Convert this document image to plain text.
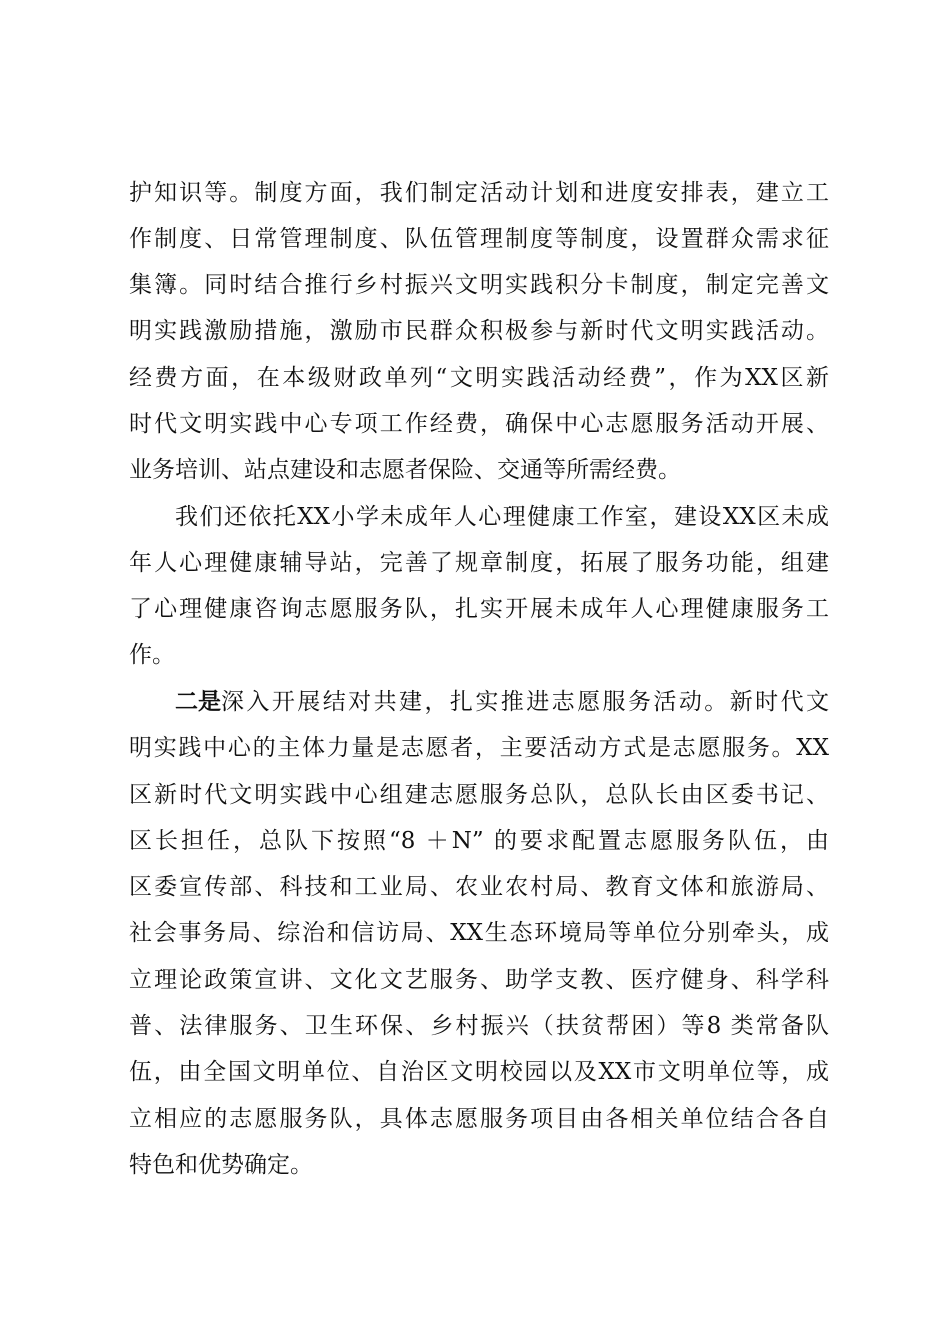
护知识等。制度方面，我们制定活动计划和进度安排表，建立工
作制度、日常管理制度、队伍管理制度等制度，设置群众需求征
集簿。同时结合推行乡村振兴文明实践积分卡制度，制定完善文
明实践激励措施，激励市民群众积极参与新时代文明实践活动。
经费方面，在本级财政单列“文明实践活动经费”，作为XX区新
时代文明实践中心专项工作经费，确保中心志愿服务活动开展、
业务培训、站点建设和志愿者保险、交通等所需经费。
我们还依托XX小学未成年人心理健康工作室，建设XX区未成
年人心理健康辅导站，完善了规章制度，拓展了服务功能，组建
了心理健康咨询志愿服务队，扎实开展未成年人心理健康服务工
作。
二是 深入开展结对共建，扎实推进志愿服务活动。新时代文
明实践中心的主体力量是志愿者，主要活动方式是志愿服务。XX
区新时代文明实践中心组建志愿服务总队，总队长由区委书记、
区长担任，总队下按照“8 ＋N” 的要求配置志愿服务队伍，由
区委宣传部、科技和工业局、农业农村局、教育文体和旅游局、
社会事务局、综治和信访局、XX生态环境局等单位分别牵头，成
立理论政策宣讲、文化文艺服务、助学支教、医疗健身、科学科
普、法律服务、卫生环保、乡村振兴（扶贫帮困）等8 类常备队
伍，由全国文明单位、自治区文明校园以及XX市文明单位等，成
立相应的志愿服务队，具体志愿服务项目由各相关单位结合各自
特色和优势确定。
